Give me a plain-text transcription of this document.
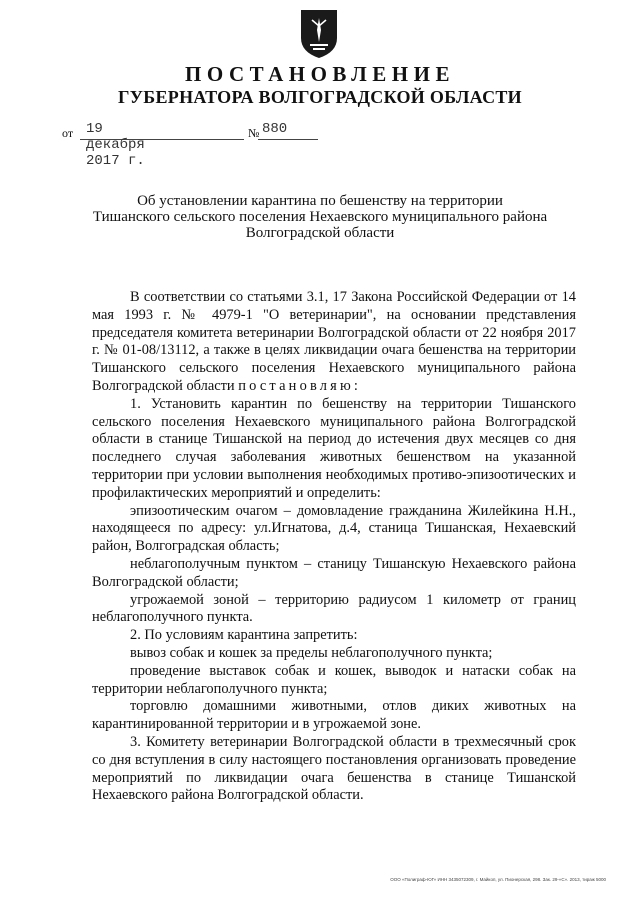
ПОСТАНОВЛЕНИЕ
ГУБЕРНАТОРА ВОЛГОГРАДСКОЙ ОБЛАСТИ
от 19 декабря 2017 г.
№ 880
Об установлении карантина по бешенству на территории
Тишанского сельского поселения Нехаевского муниципального района
Волгоградской области

В соответствии со статьями 3.1, 17 Закона Российской Федерации от 14 мая 1993 г. № 4979-1 "О ветеринарии", на основании представления председателя комитета ветеринарии Волгоградской области от 22 ноября 2017 г. № 01-08/13112, а также в целях ликвидации очага бешенства на территории Тишанского сельского поселения Нехаевского муниципального района Волгоградской области постановляю:

1. Установить карантин по бешенству на территории Тишанского сельского поселения Нехаевского муниципального района Волгоградской области в станице Тишанской на период до истечения двух месяцев со дня последнего случая заболевания животных бешенством на указанной территории при условии выполнения необходимых противо-эпизоотических и профилактических мероприятий и определить:

эпизоотическим очагом – домовладение гражданина Жилейкина Н.Н., находящееся по адресу: ул.Игнатова, д.4, станица Тишанская, Нехаевский район, Волгоградская область;

неблагополучным пунктом – станицу Тишанскую Нехаевского района Волгоградской области;

угрожаемой зоной – территорию радиусом 1 километр от границ неблагополучного пункта.

2. По условиям карантина запретить:

вывоз собак и кошек за пределы неблагополучного пункта;

проведение выставок собак и кошек, выводок и натаски собак на территории неблагополучного пункта;

торговлю домашними животными, отлов диких животных на карантинированной территории и в угрожаемой зоне.

3. Комитету ветеринарии Волгоградской области в трехмесячный срок со дня вступления в силу настоящего постановления организовать проведение мероприятий по ликвидации очага бешенства в станице Тишанской Нехаевского района Волгоградской области.

ООО «Полиграф-ЮГ» ИНН 3435072309, г. Майкоп, ул. Пионерская, 298. Зак. 29-«С». 2013, тираж 5000
